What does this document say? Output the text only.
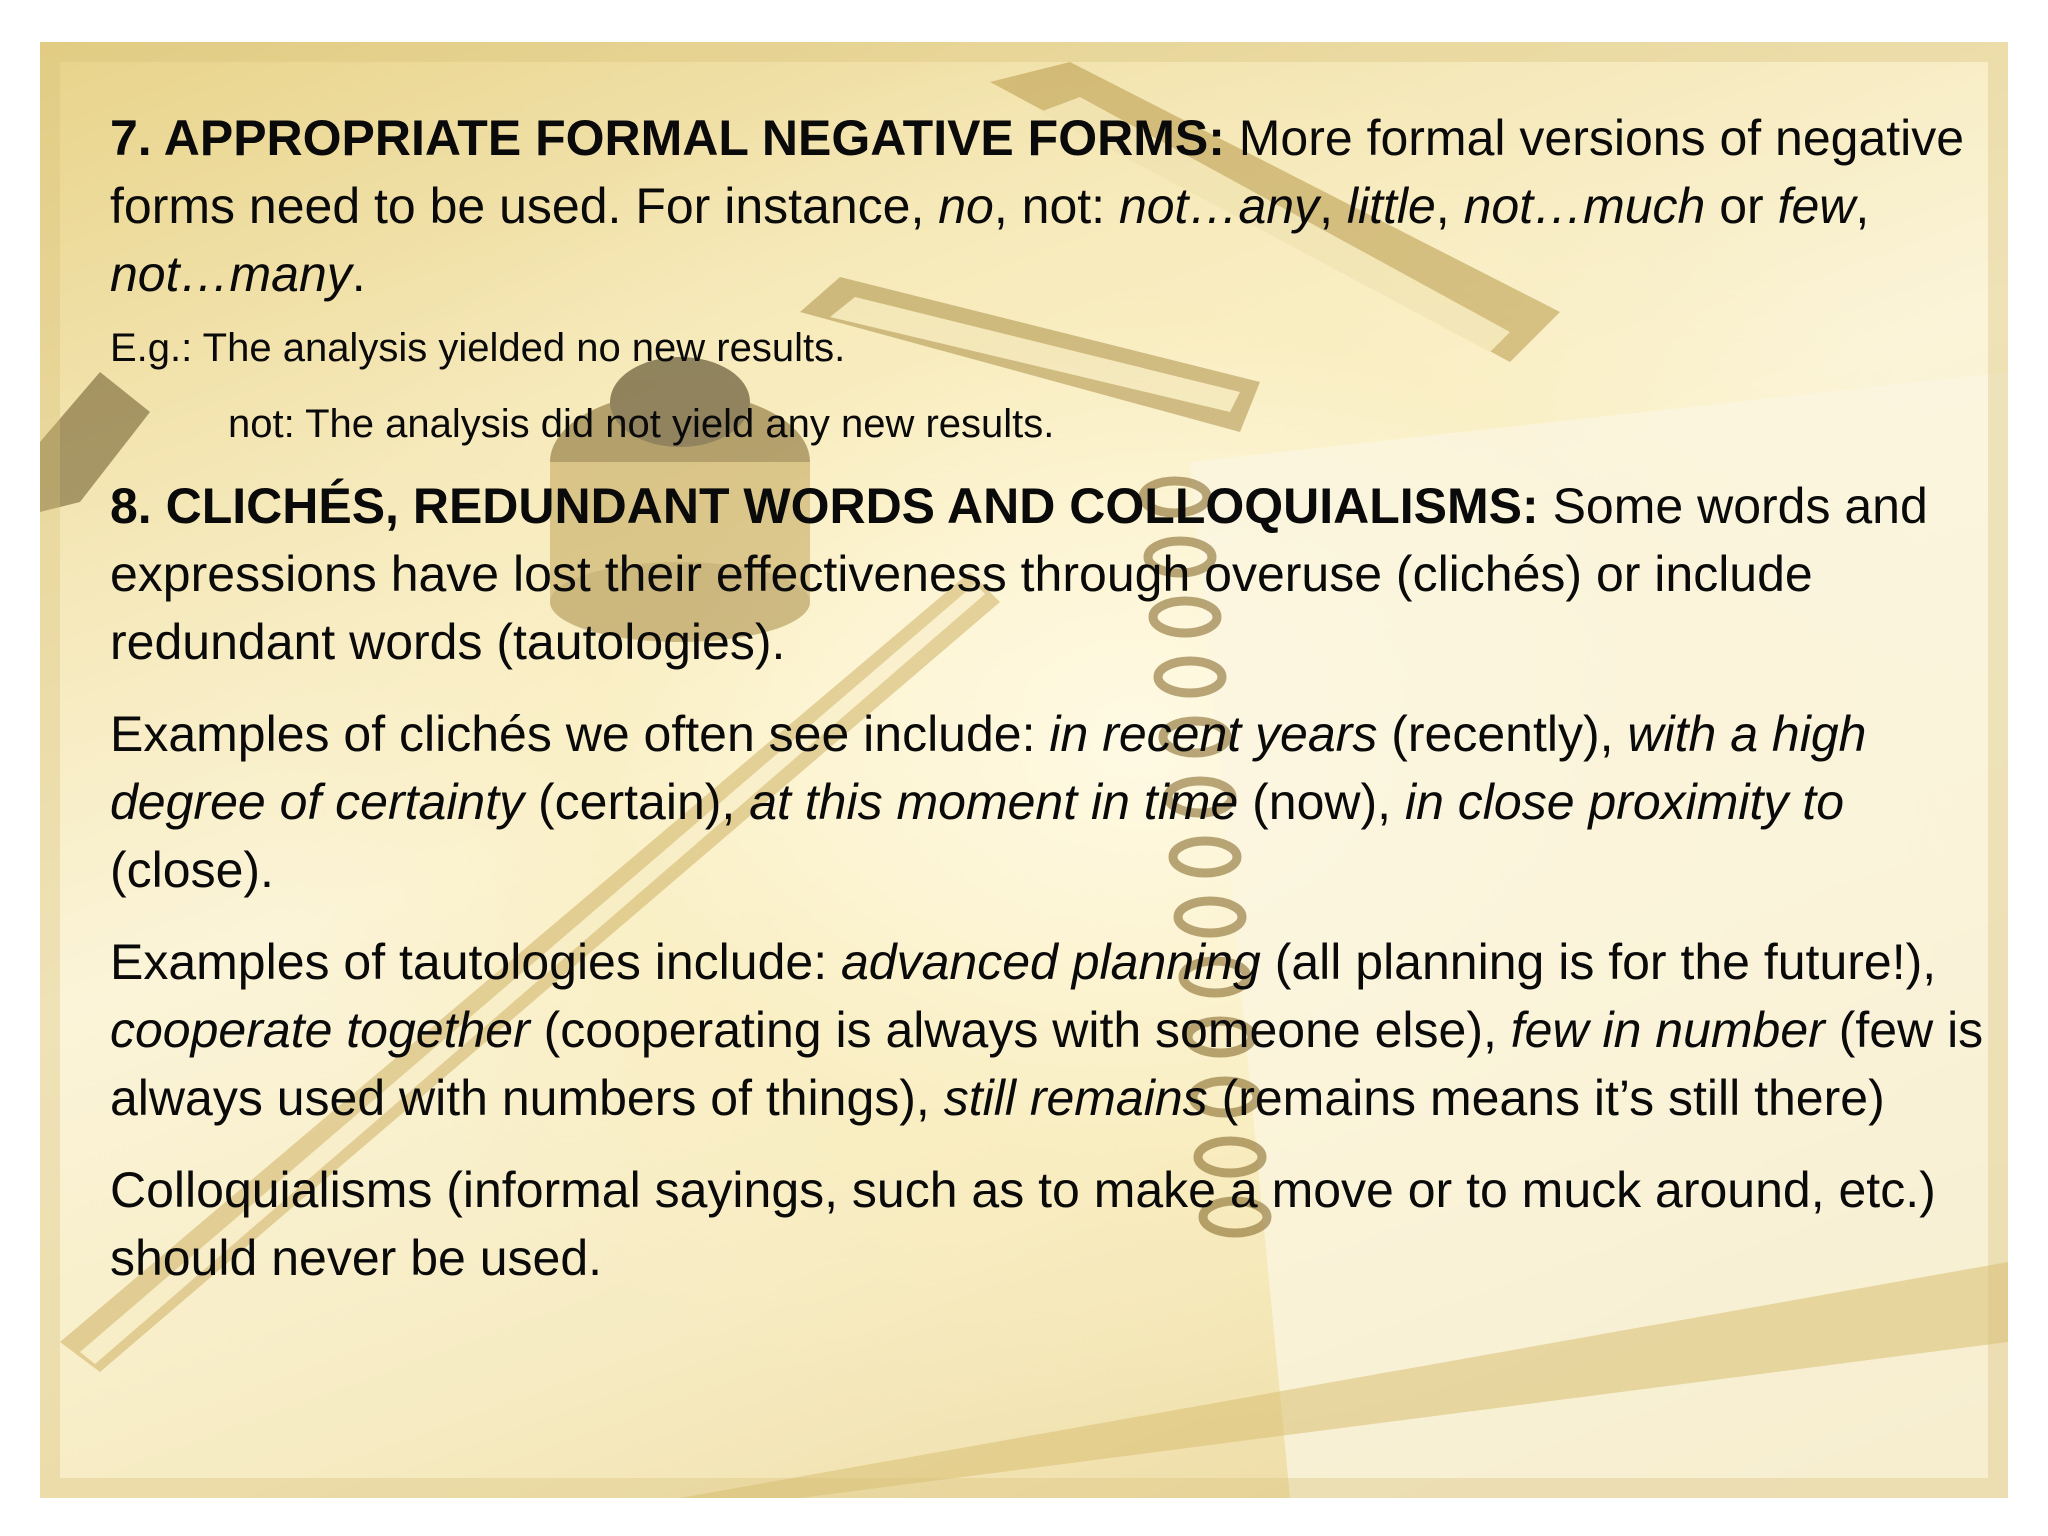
7. APPROPRIATE FORMAL NEGATIVE FORMS: More formal versions of negative forms need to be used. For instance, no, not: not…any, little, not…much or few, not…many.

E.g.: The analysis yielded no new results.

not: The analysis did not yield any new results.

8. CLICHÉS, REDUNDANT WORDS AND COLLOQUIALISMS: Some words and expressions have lost their effectiveness through overuse (clichés) or include redundant words (tautologies).

Examples of clichés we often see include: in recent years (recently), with a high degree of certainty (certain), at this moment in time (now), in close proximity to (close).

Examples of tautologies include: advanced planning (all planning is for the future!), cooperate together (cooperating is always with someone else), few in number (few is always used with numbers of things), still remains (remains means it’s still there)

Colloquialisms (informal sayings, such as to make a move or to muck around, etc.) should never be used.
